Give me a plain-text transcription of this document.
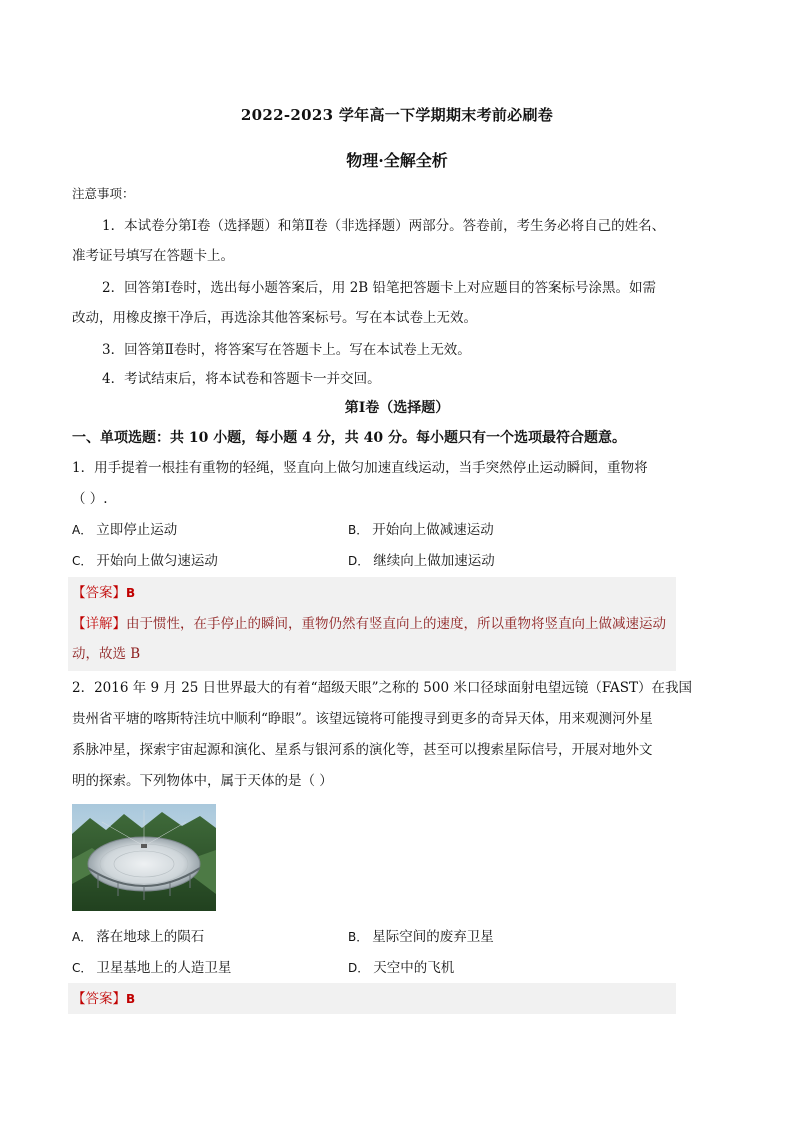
2022-2023 学年高一下学期期末考前必刷卷
物理·全解全析
注意事项：
1．本试卷分第Ⅰ卷（选择题）和第Ⅱ卷（非选择题）两部分。答卷前，考生务必将自己的姓名、
准考证号填写在答题卡上。
2．回答第Ⅰ卷时，选出每小题答案后，用 2B 铅笔把答题卡上对应题目的答案标号涂黑。如需
改动，用橡皮擦干净后，再选涂其他答案标号。写在本试卷上无效。
3．回答第Ⅱ卷时，将答案写在答题卡上。写在本试卷上无效。
4．考试结束后，将本试卷和答题卡一并交回。
第Ⅰ卷（选择题）
一、单项选题：共 10 小题，每小题 4 分，共 40 分。每小题只有一个选项最符合题意。
1．用手提着一根挂有重物的轻绳，竖直向上做匀加速直线运动，当手突然停止运动瞬间，重物将
（ ）.
A． 立即停止运动	B． 开始向上做减速运动
C． 开始向上做匀速运动	D． 继续向上做加速运动
【答案】B
【详解】由于惯性，在手停止的瞬间，重物仍然有竖直向上的速度，所以重物将竖直向上做减速运动
动，故选 B
2．2016 年 9 月 25 日世界最大的有着“超级天眼”之称的 500 米口径球面射电望远镜（FAST）在我国
贵州省平塘的喀斯特洼坑中顺利“睁眼”。该望远镜将可能搜寻到更多的奇异天体，用来观测河外星
系脉冲星，探索宇宙起源和演化、星系与银河系的演化等，甚至可以搜索星际信号，开展对地外文
明的探索。下列物体中，属于天体的是（ ）
A． 落在地球上的陨石	B． 星际空间的废弃卫星
C． 卫星基地上的人造卫星	D． 天空中的飞机
【答案】B
